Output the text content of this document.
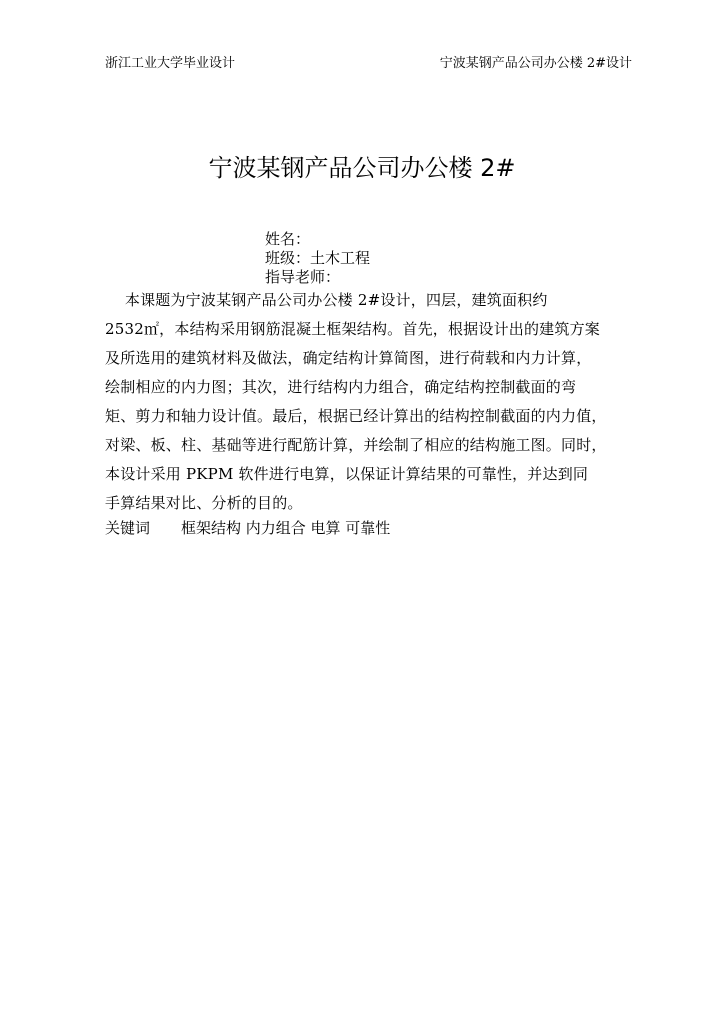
浙江工业大学毕业设计	宁波某钢产品公司办公楼 2#设计
宁波某钢产品公司办公楼 2#
姓名：
班级：土木工程
指导老师：

本课题为宁波某钢产品公司办公楼 2#设计，四层，建筑面积约

2532㎡，本结构采用钢筋混凝土框架结构。首先，根据设计出的建筑方案

及所选用的建筑材料及做法，确定结构计算简图，进行荷载和内力计算，

绘制相应的内力图；其次，进行结构内力组合，确定结构控制截面的弯

矩、剪力和轴力设计值。最后，根据已经计算出的结构控制截面的内力值，

对梁、板、柱、基础等进行配筋计算，并绘制了相应的结构施工图。同时，

本设计采用 PKPM 软件进行电算，以保证计算结果的可靠性，并达到同

手算结果对比、分析的目的。

关键词 框架结构 内力组合 电算 可靠性
